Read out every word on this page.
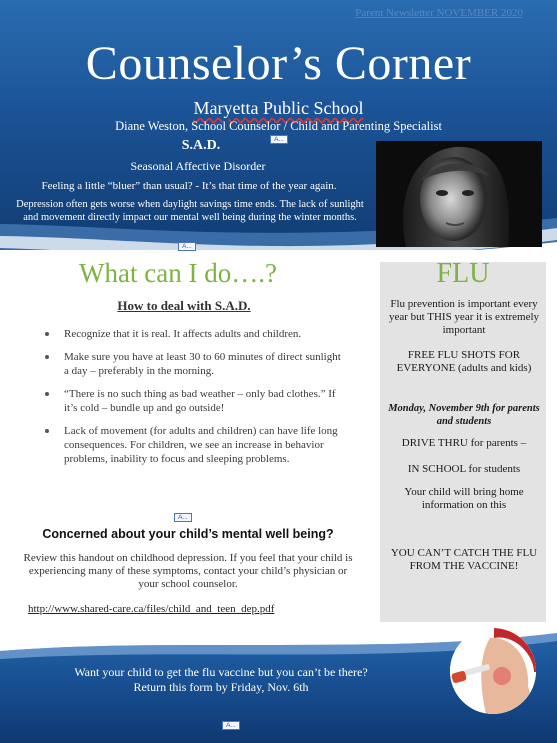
Parent Newsletter NOVEMBER 2020
Counselor’s Corner
Maryetta Public School
Diane Weston, School Counselor / Child and Parenting Specialist
A...
S.A.D.
Seasonal Affective Disorder
Feeling a little “bluer” than usual? - It’s that time of the year again.
Depression often gets worse when daylight savings time ends. The lack of sunlight and movement directly impact our mental well being during the winter months.
A...
What can I do….?
How to deal with S.A.D.
Recognize that it is real. It affects adults and children.
Make sure you have at least 30 to 60 minutes of direct sunlight a day – preferably in the morning.
“There is no such thing as bad weather – only bad clothes.” If it’s cold – bundle up and go outside!
Lack of movement (for adults and children) can have life long consequences. For children, we see an increase in behavior problems, inability to focus and sleeping problems.
A...
Concerned about your child’s mental well being?
Review this handout on childhood depression. If you feel that your child is experiencing many of these symptoms, contact your child’s physician or your school counselor.
http://www.shared-care.ca/files/child_and_teen_dep.pdf
FLU
Flu prevention is important every year but THIS year it is extremely important
FREE FLU SHOTS FOR EVERYONE (adults and kids)
Monday, November 9th for parents and students
DRIVE THRU for parents –
IN SCHOOL for students
Your child will bring home information on this
YOU CAN’T CATCH THE FLU FROM THE VACCINE!
Want your child to get the flu vaccine but you can’t be there? Return this form by Friday, Nov. 6th
A...
